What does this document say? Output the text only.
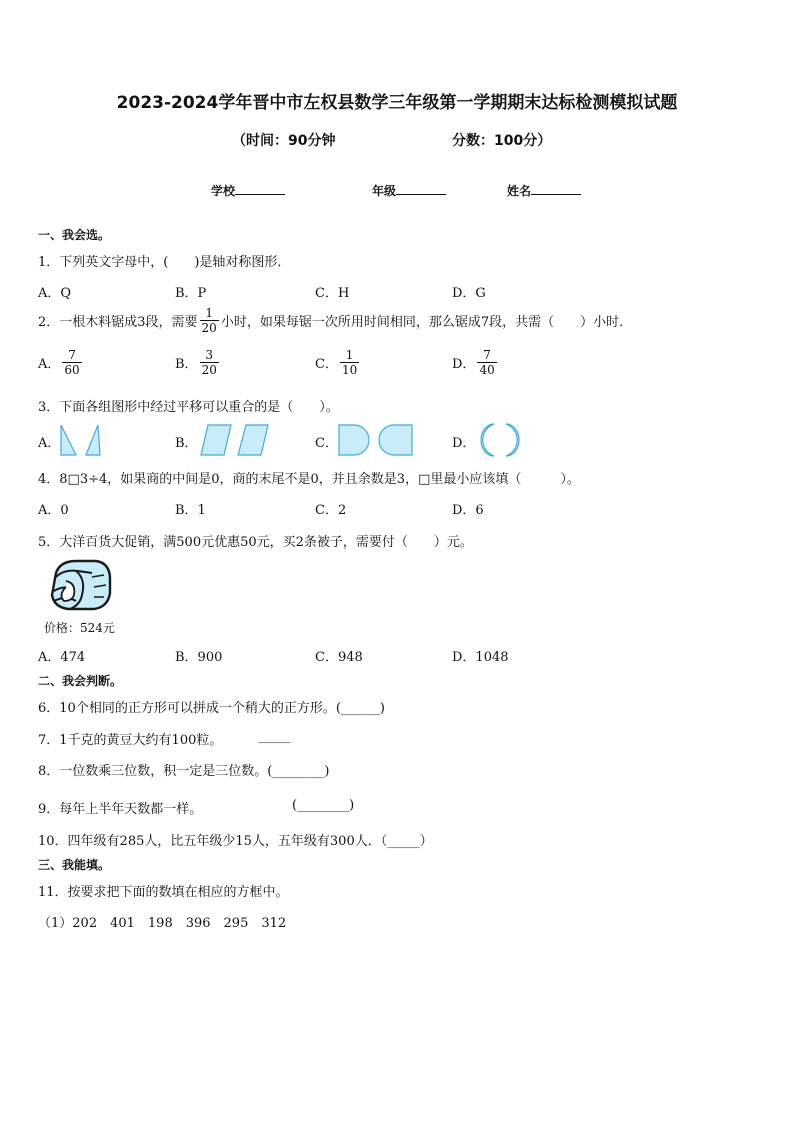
2023-2024学年晋中市左权县数学三年级第一学期期末达标检测模拟试题
（时间：90分钟	分数：100分）
学校	年级	姓名
一、我会选。
1．下列英文字母中，(　　)是轴对称图形．
A．Q	B．P	C．H	D．G
2．一根木料锯成3段，需要 $\frac{1}{20}$ 小时，如果每锯一次所用时间相同，那么锯成7段，共需（　　）小时．
A． $\frac{7}{60}$	B． $\frac{3}{20}$	C． $\frac{1}{10}$	D． $\frac{7}{40}$
3．下面各组图形中经过平移可以重合的是（　　）。
A．	B．	C．	D．
4．8□3÷4，如果商的中间是0，商的末尾不是0，并且余数是3，□里最小应该填（　　　）。
A．0	B．1	C．2	D．6
5．大洋百货大促销，满500元优惠50元，买2条被子，需要付（　　）元。
价格：524元
A．474	B．900	C．948	D．1048
二、我会判断。
6．10个相同的正方形可以拼成一个稍大的正方形。(______)
7．1千克的黄豆大约有100粒。	_____
8．一位数乘三位数，积一定是三位数。(________)
9．每年上半年天数都一样。	(________)
10．四年级有285人，比五年级少15人，五年级有300人．（_____）
三、我能填。
11．按要求把下面的数填在相应的方框中。
（1）202　401　198　396　295　312
